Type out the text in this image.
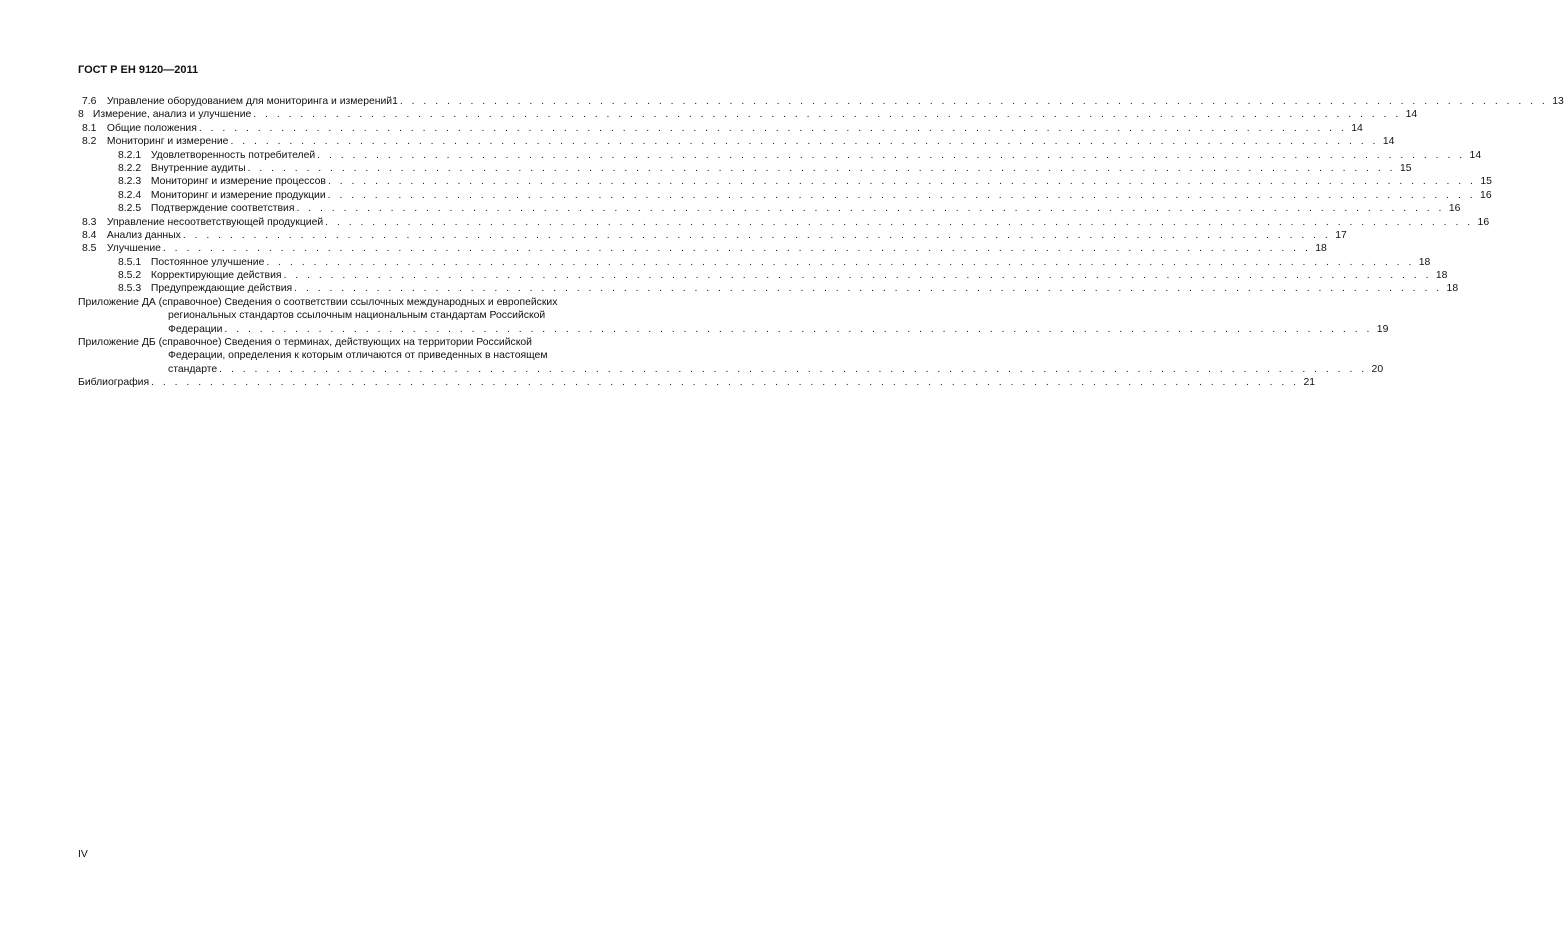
ГОСТ Р ЕН 9120—2011
7.6 Управление оборудованием для мониторинга и измерений1 . . . . . . . . . . . . . . . . . . . . . . . . . . . . . . . . . . . . . . . . . . . . . . . . . . . . . . . . . . . . . . . . . . . . . . . . . . . . . . . . . . . . . . . . . . . . . . . . . . 13
8 Измерение, анализ и улучшение . . . . . . . . . . . . . . . . . . . . . . . . . . . . . . . . . . . . . . . . . . . . . . . . . . . . . . . . . . . . . . . . . . . . . . . . . . . . . . . . . . . . . . . . . . . . . . . . . . 14
8.1 Общие положения . . . . . . . . . . . . . . . . . . . . . . . . . . . . . . . . . . . . . . . . . . . . . . . . . . . . . . . . . . . . . . . . . . . . . . . . . . . . . . . . . . . . . . . . . . . . . . . . . . 14
8.2 Мониторинг и измерение . . . . . . . . . . . . . . . . . . . . . . . . . . . . . . . . . . . . . . . . . . . . . . . . . . . . . . . . . . . . . . . . . . . . . . . . . . . . . . . . . . . . . . . . . . . . . . . . . . 14
8.2.1 Удовлетворенность потребителей . . . . . . . . . . . . . . . . . . . . . . . . . . . . . . . . . . . . . . . . . . . . . . . . . . . . . . . . . . . . . . . . . . . . . . . . . . . . . . . . . . . . . . . . . . . . . . . . . . 14
8.2.2 Внутренние аудиты . . . . . . . . . . . . . . . . . . . . . . . . . . . . . . . . . . . . . . . . . . . . . . . . . . . . . . . . . . . . . . . . . . . . . . . . . . . . . . . . . . . . . . . . . . . . . . . . . . 15
8.2.3 Мониторинг и измерение процессов . . . . . . . . . . . . . . . . . . . . . . . . . . . . . . . . . . . . . . . . . . . . . . . . . . . . . . . . . . . . . . . . . . . . . . . . . . . . . . . . . . . . . . . . . . . . . . . . . . 15
8.2.4 Мониторинг и измерение продукции . . . . . . . . . . . . . . . . . . . . . . . . . . . . . . . . . . . . . . . . . . . . . . . . . . . . . . . . . . . . . . . . . . . . . . . . . . . . . . . . . . . . . . . . . . . . . . . . . . 16
8.2.5 Подтверждение соответствия . . . . . . . . . . . . . . . . . . . . . . . . . . . . . . . . . . . . . . . . . . . . . . . . . . . . . . . . . . . . . . . . . . . . . . . . . . . . . . . . . . . . . . . . . . . . . . . . . . 16
8.3 Управление несоответствующей продукцией . . . . . . . . . . . . . . . . . . . . . . . . . . . . . . . . . . . . . . . . . . . . . . . . . . . . . . . . . . . . . . . . . . . . . . . . . . . . . . . . . . . . . . . . . . . . . . . . . . 16
8.4 Анализ данных . . . . . . . . . . . . . . . . . . . . . . . . . . . . . . . . . . . . . . . . . . . . . . . . . . . . . . . . . . . . . . . . . . . . . . . . . . . . . . . . . . . . . . . . . . . . . . . . . . 17
8.5 Улучшение . . . . . . . . . . . . . . . . . . . . . . . . . . . . . . . . . . . . . . . . . . . . . . . . . . . . . . . . . . . . . . . . . . . . . . . . . . . . . . . . . . . . . . . . . . . . . . . . . . 18
8.5.1 Постоянное улучшение . . . . . . . . . . . . . . . . . . . . . . . . . . . . . . . . . . . . . . . . . . . . . . . . . . . . . . . . . . . . . . . . . . . . . . . . . . . . . . . . . . . . . . . . . . . . . . . . . . 18
8.5.2 Корректирующие действия . . . . . . . . . . . . . . . . . . . . . . . . . . . . . . . . . . . . . . . . . . . . . . . . . . . . . . . . . . . . . . . . . . . . . . . . . . . . . . . . . . . . . . . . . . . . . . . . . . 18
8.5.3 Предупреждающие действия . . . . . . . . . . . . . . . . . . . . . . . . . . . . . . . . . . . . . . . . . . . . . . . . . . . . . . . . . . . . . . . . . . . . . . . . . . . . . . . . . . . . . . . . . . . . . . . . . . 18
Приложение ДА (справочное) Сведения о соответствии ссылочных международных и европейских
региональных стандартов ссылочным национальным стандартам Российской
Федерации . . . . . . . . . . . . . . . . . . . . . . . . . . . . . . . . . . . . . . . . . . . . . . . . . . . . . . . . . . . . . . . . . . . . . . . . . . . . . . . . . . . . . . . . . . . . . . . . . . 19
Приложение ДБ (справочное) Сведения о терминах, действующих на территории Российской
Федерации, определения к которым отличаются от приведенных в настоящем
стандарте . . . . . . . . . . . . . . . . . . . . . . . . . . . . . . . . . . . . . . . . . . . . . . . . . . . . . . . . . . . . . . . . . . . . . . . . . . . . . . . . . . . . . . . . . . . . . . . . . . 20
Библиография . . . . . . . . . . . . . . . . . . . . . . . . . . . . . . . . . . . . . . . . . . . . . . . . . . . . . . . . . . . . . . . . . . . . . . . . . . . . . . . . . . . . . . . . . . . . . . . . . . 21
IV
